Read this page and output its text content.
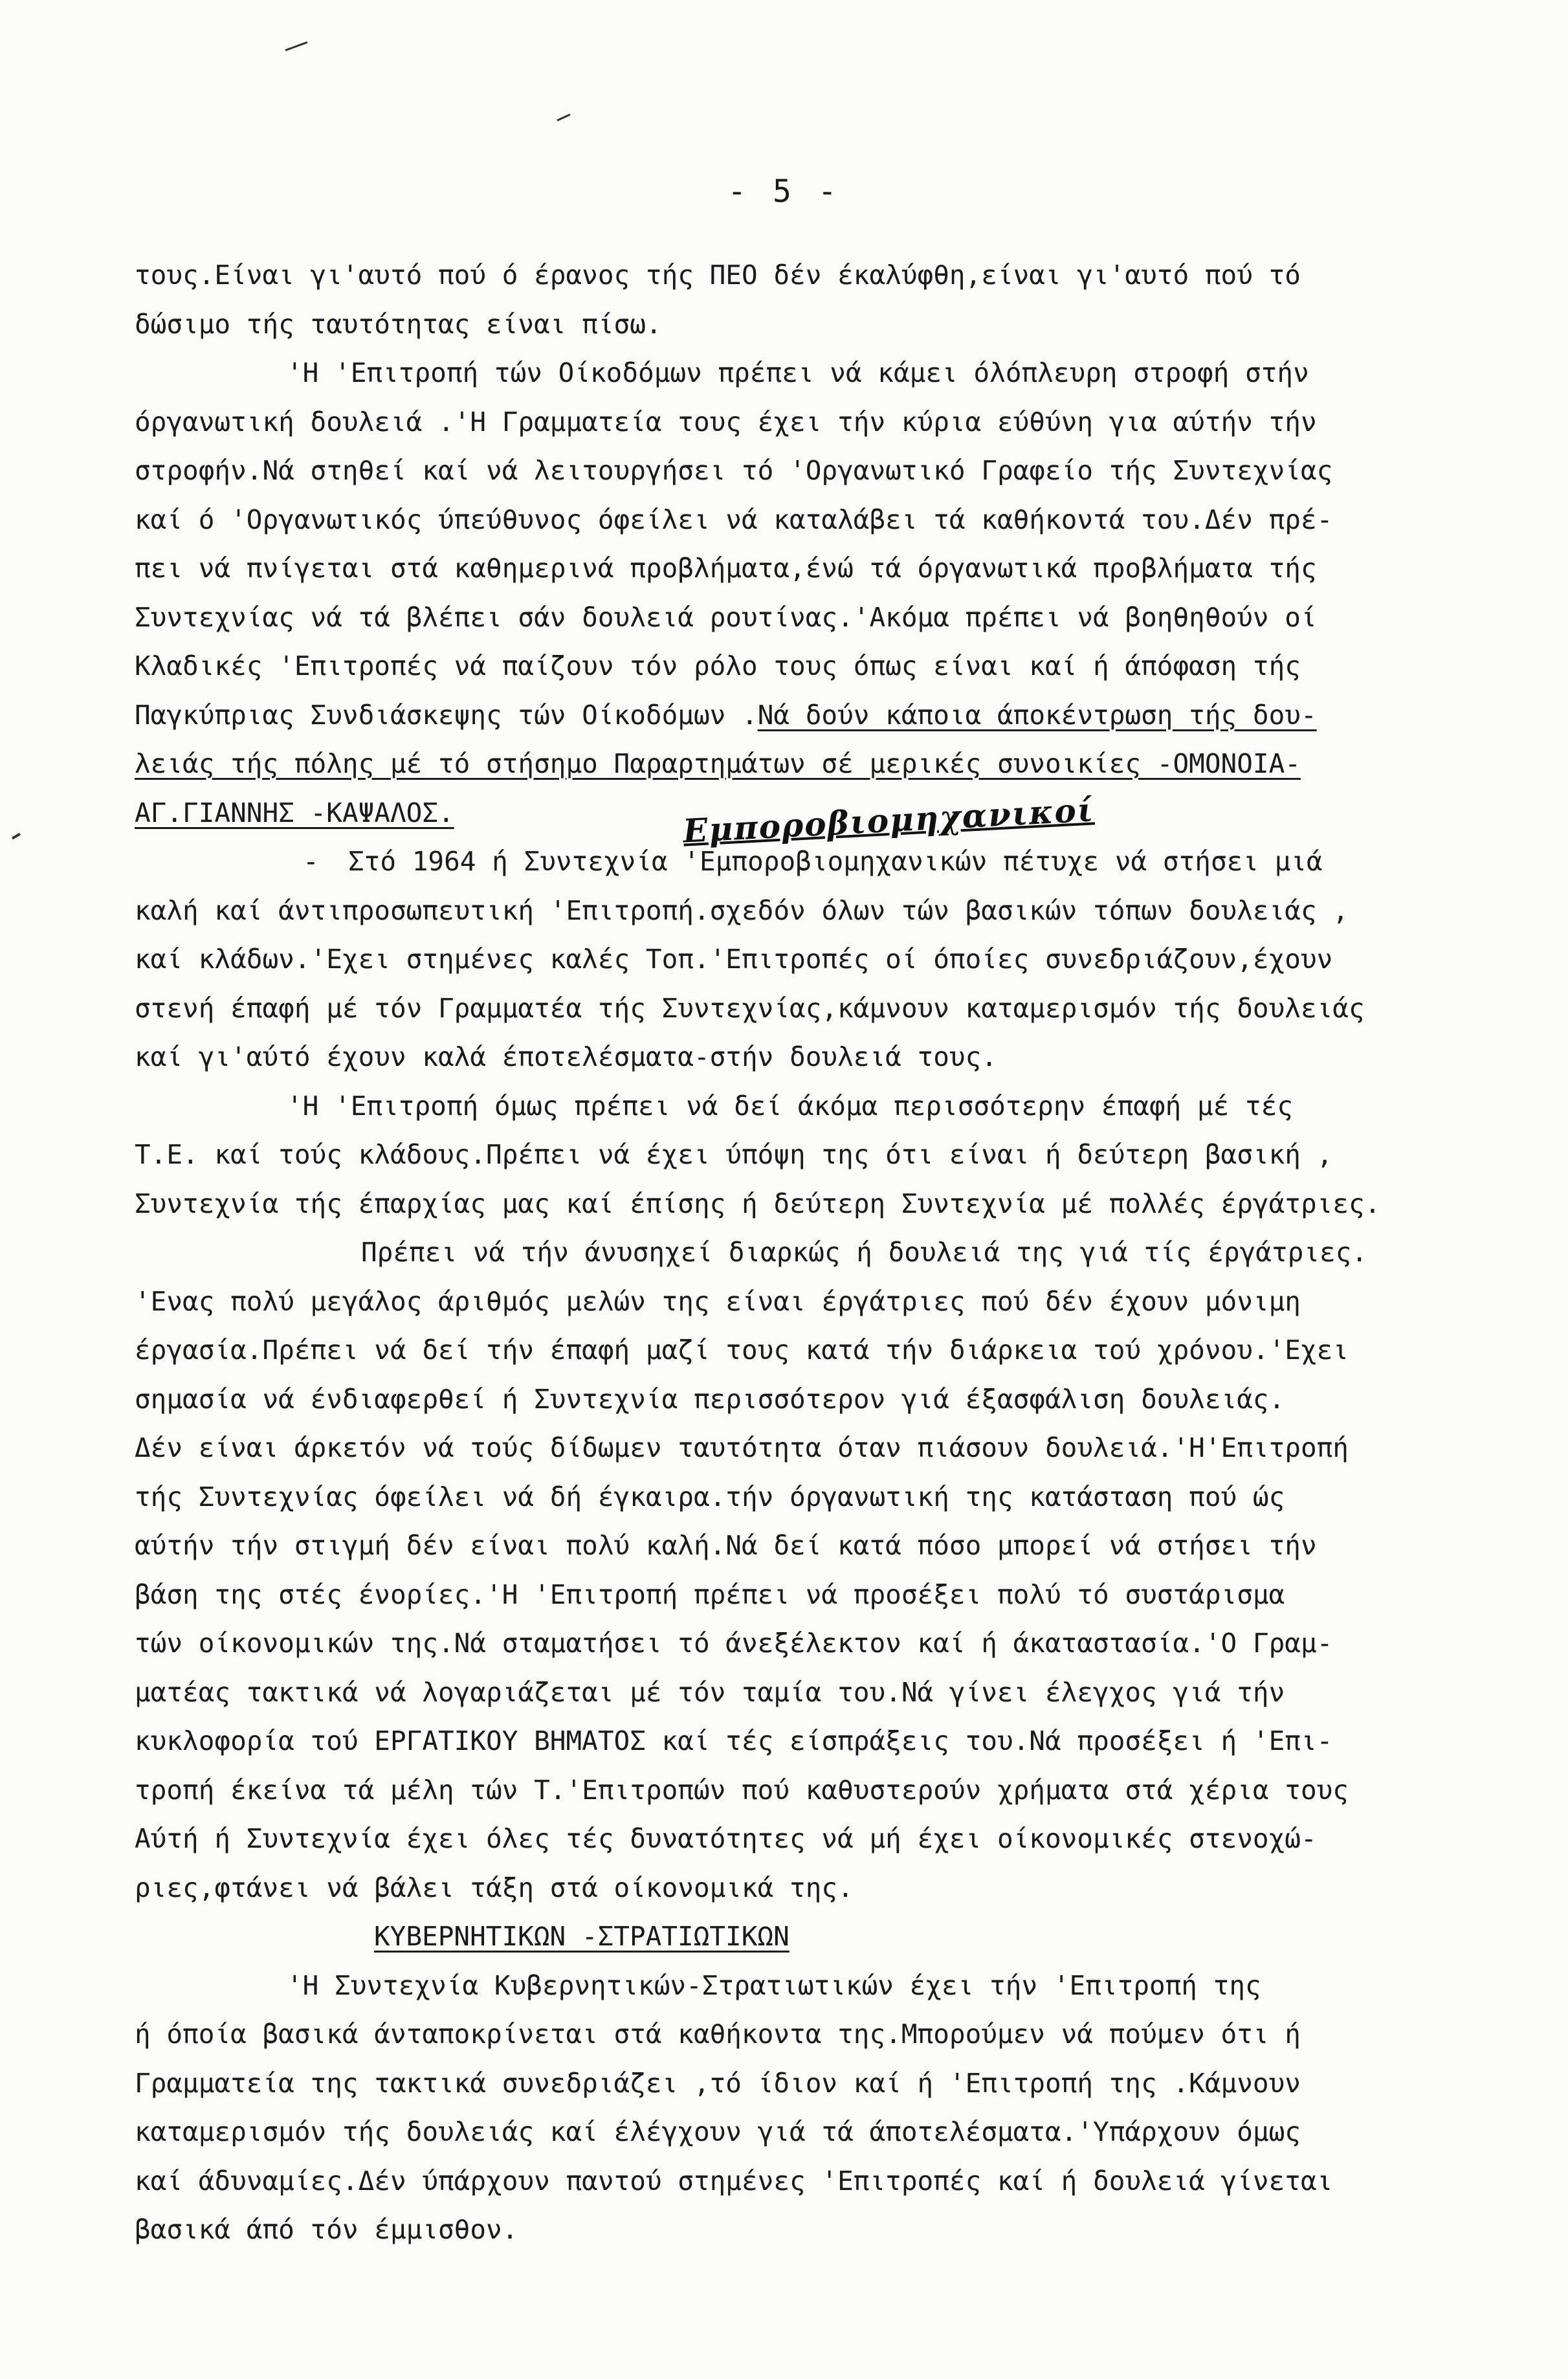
- 5 -
Εμποροβιομηχανικοί
τους.Είναι γι'αυτό πού ό έρανος τής ΠΕΟ δέν έκαλύφθη,είναι γι'αυτό πού τό
δώσιμο τής ταυτότητας είναι πίσω.
'Η 'Επιτροπή τών Οίκοδόμων πρέπει νά κάμει όλόπλευρη στροφή στήν
όργανωτική δουλειά .'Η Γραμματεία τους έχει τήν κύρια εύθύνη για αύτήν τήν
στροφήν.Νά στηθεί καί νά λειτουργήσει τό 'Οργανωτικό Γραφείο τής Συντεχνίας
καί ό 'Οργανωτικός ύπεύθυνος όφείλει νά καταλάβει τά καθήκοντά του.Δέν πρέ-
πει νά πνίγεται στά καθημερινά προβλήματα,ένώ τά όργανωτικά προβλήματα τής
Συντεχνίας νά τά βλέπει σάν δουλειά ρουτίνας.'Ακόμα πρέπει νά βοηθηθούν οί
Κλαδικές 'Επιτροπές νά παίζουν τόν ρόλο τους όπως είναι καί ή άπόφαση τής
Παγκύπριας Συνδιάσκεψης τών Οίκοδόμων .Νά δούν κάποια άποκέντρωση τής δου-
λειάς τής πόλης μέ τό στήσημο Παραρτημάτων σέ μερικές συνοικίες -ΟΜΟΝΟΙΑ-
ΑΓ.ΓΙΑΝΝΗΣ -ΚΑΨΑΛΟΣ.
- Στό 1964 ή Συντεχνία 'Εμποροβιομηχανικών πέτυχε νά στήσει μιά
καλή καί άντιπροσωπευτική 'Επιτροπή.σχεδόν όλων τών βασικών τόπων δουλειάς ,
καί κλάδων.'Εχει στημένες καλές Τοπ.'Επιτροπές οί όποίες συνεδριάζουν,έχουν
στενή έπαφή μέ τόν Γραμματέα τής Συντεχνίας,κάμνουν καταμερισμόν τής δουλειάς
καί γι'αύτό έχουν καλά έποτελέσματα-στήν δουλειά τους.
'Η 'Επιτροπή όμως πρέπει νά δεί άκόμα περισσότερην έπαφή μέ τές
Τ.Ε. καί τούς κλάδους.Πρέπει νά έχει ύπόψη της ότι είναι ή δεύτερη βασική ,
Συντεχνία τής έπαρχίας μας καί έπίσης ή δεύτερη Συντεχνία μέ πολλές έργάτριες.
Πρέπει νά τήν άνυσηχεί διαρκώς ή δουλειά της γιά τίς έργάτριες.
'Ενας πολύ μεγάλος άριθμός μελών της είναι έργάτριες πού δέν έχουν μόνιμη
έργασία.Πρέπει νά δεί τήν έπαφή μαζί τους κατά τήν διάρκεια τού χρόνου.'Εχει
σημασία νά ένδιαφερθεί ή Συντεχνία περισσότερον γιά έξασφάλιση δουλειάς.
Δέν είναι άρκετόν νά τούς δίδωμεν ταυτότητα όταν πιάσουν δουλειά.'Η'Επιτροπή
τής Συντεχνίας όφείλει νά δή έγκαιρα.τήν όργανωτική της κατάσταση πού ώς
αύτήν τήν στιγμή δέν είναι πολύ καλή.Νά δεί κατά πόσο μπορεί νά στήσει τήν
βάση της στές ένορίες.'Η 'Επιτροπή πρέπει νά προσέξει πολύ τό συστάρισμα
τών οίκονομικών της.Νά σταματήσει τό άνεξέλεκτον καί ή άκαταστασία.'Ο Γραμ-
ματέας τακτικά νά λογαριάζεται μέ τόν ταμία του.Νά γίνει έλεγχος γιά τήν
κυκλοφορία τού ΕΡΓΑΤΙΚΟΥ ΒΗΜΑΤΟΣ καί τές είσπράξεις του.Νά προσέξει ή 'Επι-
τροπή έκείνα τά μέλη τών Τ.'Επιτροπών πού καθυστερούν χρήματα στά χέρια τους
Αύτή ή Συντεχνία έχει όλες τές δυνατότητες νά μή έχει οίκονομικές στενοχώ-
ριες,φτάνει νά βάλει τάξη στά οίκονομικά της.
ΚΥΒΕΡΝΗΤΙΚΩΝ -ΣΤΡΑΤΙΩΤΙΚΩΝ
'Η Συντεχνία Κυβερνητικών-Στρατιωτικών έχει τήν 'Επιτροπή της
ή όποία βασικά άνταποκρίνεται στά καθήκοντα της.Μπορούμεν νά πούμεν ότι ή
Γραμματεία της τακτικά συνεδριάζει ,τό ίδιον καί ή 'Επιτροπή της .Κάμνουν
καταμερισμόν τής δουλειάς καί έλέγχουν γιά τά άποτελέσματα.'Υπάρχουν όμως
καί άδυναμίες.Δέν ύπάρχουν παντού στημένες 'Επιτροπές καί ή δουλειά γίνεται
βασικά άπό τόν έμμισθον.
